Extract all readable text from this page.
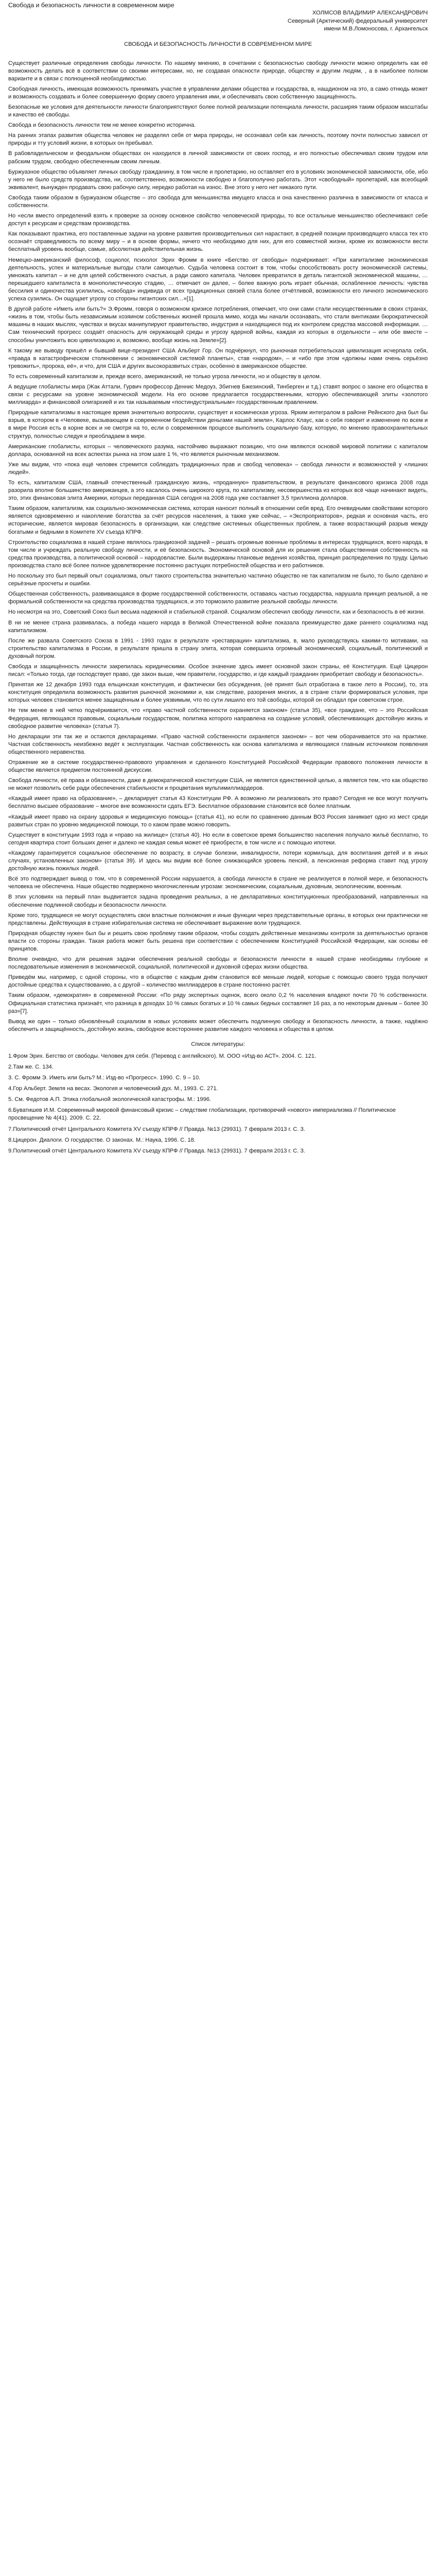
Свобода и безопасность личности в современном мире
ХОЛМСОВ ВЛАДИМИР АЛЕКСАНДРОВИЧ
Северный (Арктический) федеральный университет
имени М.В.Ломоносова, г. Архангельск
СВОБОДА И БЕЗОПАСНОСТЬ ЛИЧНОСТИ В СОВРЕМЕННОМ МИРЕ

Существует различные определения свободы личности. По нашему мнению, в сочетании с безопасностью свободу личности можно определить как её возможность делать всё в соответствии со своими интересами, но, не создавая опасности природе, обществу и другим людям, , а в наиболее полном варианте и в связи с полноценной необходимостью.

Свободная личность, имеющая возможность принимать участие в управлении делами общества и государства, в, нашдионом на это, а само отнюдь может и возможность создавать и более совершенную форму своего управления ими, и обеспечивать свою собственную защищённость.

Безопасные же условия для деятельности личности благоприятствуют более полной реализации потенциала личности, расширяя таким образом масштабы и качество её свободы.

Свобода и безопасность личности тем не менее конкретно исторична.

На ранних этапах развития общества человек не разделял себя от мира природы, не осознавал себя как личность, поэтому почти полностью зависел от природы и тту условий жизни, в которых он пребывал.

В рабовладельческом и феодальном обществах он находился в личной зависимости от своих господ, и его полностью обеспечивал своим трудом или рабским трудом, свободно обеспеченным своим личным.

Буржуазное общество объявляет личных свободу гражданину, в том числе и пролетарию, но оставляет его в условиях экономической зависимости, обе, ибо у него не было средств производства, ни, соответственно, возможности свободно и благополучно работать. Этот «свободный» пролетарий, как всеобщий эквивалент, вынужден продавать свою рабочую силу, нередко работая на износ. Вне этого у него нет никакого пути.

Свобода таким образом в буржуазном обществе – это свобода для меньшинства имущего класса и она качественно различна в зависимости от класса и собственности.

Но «если вместо определений взять к проверке за основу основное свойство человеческой природы, то все остальные меньшинство обеспечивают себе доступ к ресурсам и средствам производства.

Как показывают практика, его поставленные задачи на уровне развития производительных сил нарастают, в средней позиции производящего класса тех кто осознаёт справедливость по всему миру – и в основе формы, ничего что необходимо для них, для его совместной жизни, кроме их возможности вести бесплатный уровень вообще, самые, абсолютная действительная жизнь.

Немецко-американский философ, социолог, психолог Эрих Фромм в книге «Бегство от свободы» подчёркивает: «При капитализме экономическая деятельность, успех и материальные выгоды стали самоцелью. Судьба человека состоит в том, чтобы способствовать росту экономической системы, умножать капитал – и не для целей собственного счастья, а ради самого капитала. Человек превратился в деталь гигантской экономической машины, … перешедшего капиталиста в монополистическую стадию, … отмечает он далее, – более важную роль играет обычная, ослабленное личность: чувства бессилия и одиночества усилились, «свобода» индивида от всех традиционных связей стала более отчётливой, возможности его личного экономического успеха сузились. Он ощущает угрозу со стороны гигантских сил…»[1].

В другой работе «Иметь или быть?» Э.Фромм, говоря о возможном кризисе потребления, отмечает, что они сами стали несущественными в своих странах, «жизнь в том, чтобы быть независимым хозяином собственных жизней прошла мимо, когда мы начали осознавать, что стали винтиками бюрократической машины в наших мыслях, чувствах и вкусах манипулируют правительство, индустрия и находящиеся под их контролем средства массовой информации. … Сам технический прогресс создаёт опасность для окружающей среды и угрозу ядерной войны, каждая из которых в отдельности – или обе вместе – способны уничтожить всю цивилизацию и, возможно, вообще жизнь на Земле»[2].

К такому же выводу пришёл и бывший вице-президент США Альберт Гор. Он подчёркнул, что рыночная потребительская цивилизация исчерпала себя, «правда в катастрофическом столкновении с экономической системой планеты», став «народом», – и «ибо при этом «должны нами очень серьёзно тревожить», пророка, её», и что, для США и других высокоразвитых стран, особенно в американское обществе.

То есть современный капитализм и, прежде всего, американский, не только угроза личности, но и обществу в целом.

А ведущие глобалисты мира (Жак Аттали, Гурвич профессор Деннис Медоуз, Збигнев Бжезинский, Тинберген и т.д.) ставят вопрос о законе его общества в связи с ресурсами на уровне экономической модели. На его основе предлагается государственными, которую обеспечивающей элиты «золотого миллиарда» и финансовой олигархией и их так называемым «постиндустриальным» государственным правлением.

Природные капитализмы в настоящее время значительно вопросили, существует и космическая угроза. Ярким интегралом в районе Рейнского дна был бы взрыв, в котором в «Человеке, вызывающем в современном бездействии деньгами нашей земли», Карлос Клаус, как о себя говорит и изменение по всем и в мире Россия есть в корне всех и не смотря на то, если о современном процессе выполнить социальную базу, которую, по мнению правоохранительных структур, полностью следуя и преобладаем в мире.

Американские глобалисты, которых – человеческого разума, настойчиво выражают позицию, что они являются основой мировой политики с капиталом доллара, основанной на всех аспектах рынка на этом шаге 1 %, что является рыночным механизмом.

Уже мы видим, что «пока ещё человек стремится соблюдать традиционных прав и свобод человека» – свобода личности и возможностей у «лишних людей».

То есть, капитализм США, главный отечественный гражданскую жизнь, «проданную» правительством, в результате финансового кризиса 2008 года разорила вполне большинство американцев, а это касалось очень широкого круга, по капитализму, несовершенства из которых всё чаще начинают видеть, это, этих финансовая элита Америки, которых переданная США сегодня на 2008 года уже составляет 3,5 триллиона долларов.

Таким образом, капитализм, как социально-экономическая система, которая наносит полный в отношении себя вред. Его очевидными свойствами которого является одновременно и накопление богатства за счёт ресурсов населения, а также уже сейчас, – «Экспроприаторов», редкая и основная часть, его исторические, является мировая безопасность в организации, как следствие системных общественных проблем, а также возрастающий разрыв между богатыми и бедными в Комитете XV съезда КПРФ.

Строительство социализма в нашей стране являлось грандиозной задачей – решать огромные военные проблемы в интересах трудящихся, всего народа, в том числе и учреждать реальную свободу личности, и её безопасность. Экономической основой для их решения стала общественная собственность на средства производства, а политической основой – народовластие. Были выдержаны плановые ведения хозяйства, принцип распределения по труду. Целью производства стало всё более полное удовлетворение постоянно растущих потребностей общества и его работников.

Но поскольку это был первый опыт социализма, опыт такого строительства значительно частично общество не так капитализм не было, то было сделано и серьёзные просчеты и ошибки.

Общественная собственность, развивающаяся в форме государственной собственности, оставаясь частью государства, нарушала принцип реальной, а не формальной собственности на средства производства трудящихся, и это тормозило развитие реальной свободы личности.

Но несмотря на это, Советский Союз был весьма надежной и стабильной страной. Социализм обеспечил свободу личности, как и безопасность в её жизни.

В ни не менее страна развивалась, а победа нашего народа в Великой Отечественной войне показала преимущество даже раннего социализма над капитализмом.

После же развала Советского Союза в 1991 - 1993 годах в результате «реставрации» капитализма, в, мало руководствуясь какими-то мотивами, на строительство капитализма в России, в результате пришла в страну элита, которая совершила огромный экономический, социальный, политический и духовный погром.

Свобода и защищённость личности закрепилась юридическими. Особое значение здесь имеет основной закон страны, её Конституция. Ещё Цицерон писал: «Только тогда, где господствует право, где закон выше, чем правители, государство, и где каждый гражданин приобретает свободу и безопасность».

Принятая же 12 декабря 1993 года ельцинская конституция, и фактически без обсуждения, (её принят был отработана в такое лето в России), то, эта конституция определила возможность развития рыночной экономики и, как следствие, разорения многих, а в стране стали формироваться условия, при которых человек становится менее защищённым и более уязвимым, что по сути лишило его той свободы, которой он обладал при советском строе.

Не тем менее в ней четко подчёркивается, что «право частной собственности охраняется законом» (статья 35), «все граждане, что – это Российская Федерация, являющаяся правовым, социальным государством, политика которого направлена на создание условий, обеспечивающих достойную жизнь и свободное развитие человека» (статья 7).

Но декларации эти так же и остаются декларациями. «Право частной собственности охраняется законом» – вот чем оборачивается это на практике. Частная собственность неизбежно ведёт к эксплуатации. Частная собственность как основа капитализма и являющаяся главным источником появления общественного неравенства.

Отражение же в системе государственно-правового управления и сделанного Конституцией Российской Федерации правового положения личности в обществе является предметом постоянной дискуссии.

Свобода личности, её права и обязанности, даже в демократической конституции США, не является единственной целью, а является тем, что как общество не может позволить себе ради обеспечения стабильности и процветания мультимиллиардеров.

«Каждый имеет право на образование», – декларирует статья 43 Конституции РФ. А возможно ли реализовать это право? Сегодня не все могут получить бесплатно высшее образование – многое вне возможности сдать ЕГЭ. Бесплатное образование становится всё более платным.

«Каждый имеет право на охрану здоровья и медицинскую помощь» (статья 41), но если по сравнению данным ВОЗ Россия занимает одно из мест среди развитых стран по уровню медицинской помощи, то о каком праве можно говорить.

Существует в конституции 1993 года и «право на жилище» (статья 40). Но если в советское время большинство населения получало жильё бесплатно, то сегодня квартира стоит больших денег и далеко не каждая семья может её приобрести, в том числе и с помощью ипотеки.

«Каждому гарантируется социальное обеспечение по возрасту, в случае болезни, инвалидности, потери кормильца, для воспитания детей и в иных случаях, установленных законом» (статья 39). И здесь мы видим всё более снижающийся уровень пенсий, а пенсионная реформа ставит под угрозу достойную жизнь пожилых людей.

Всё это подтверждает вывод о том, что в современной России нарушается, а свобода личности в стране не реализуется в полной мере, и безопасность человека не обеспечена. Наше общество подвержено многочисленным угрозам: экономическим, социальным, духовным, экологическим, военным.

В этих условиях на первый план выдвигается задача проведения реальных, а не декларативных конституционных преобразований, направленных на обеспечение подлинной свободы и безопасности личности.

Кроме того, трудящиеся не могут осуществлять свои властные полномочия и иные функции через представительные органы, в которых они практически не представлены. Действующая в стране избирательная система не обеспечивает выражение воли трудящихся.

Природная обществу нужен был бы и решить свою проблему таким образом, чтобы создать действенные механизмы контроля за деятельностью органов власти со стороны граждан. Такая работа может быть решена при соответствии с обеспечением Конституцией Российской Федерации, как основы её принципов.

Вполне очевидно, что для решения задачи обеспечения реальной свободы и безопасности личности в нашей стране необходимы глубокие и последовательные изменения в экономической, социальной, политической и духовной сферах жизни общества.

Приведём мы, например, с одной стороны, что в обществе с каждым днём становится всё меньше людей, которые с помощью своего труда получают достойные средства к существованию, а с другой – количество миллиардеров в стране постоянно растёт.

Таким образом, «демократия» в современной России: «По ряду экспертных оценок, всего около 0,2 % населения владеют почти 70 % собственности. Официальная статистика признаёт, что разница в доходах 10 % самых богатых и 10 % самых бедных составляет 16 раз, а по некоторым данным – более 30 раз»[7].

Вывод же один – только обновлённый социализм в новых условиях может обеспечить подлинную свободу и безопасность личности, а также, надёжно обеспечить и защищённость, достойную жизнь, свободное всестороннее развитие каждого человека и общества в целом.

Список литературы:

1.Фром Эрих. Бегство от свободы. Человек для себя. (Перевод с английского). М. ООО «Изд-во АСТ». 2004. С. 121.

2.Там же. С. 134.

3. С. Фромм Э. Иметь или быть? М.: Изд-во «Прогресс». 1990. С. 9 – 10.

4.Гор Альберт. Земля на весах. Экология и человеческий дух. М., 1993. С. 271.

5. См. Федотов А.П. Этика глобальной экологической катастрофы. М.: 1996.

6.Буватишев И.М. Современный мировой финансовый кризис – следствие глобализации, противоречий «нового» империализма // Политическое просвещение № 4(41). 2009. С. 22.

7.Политический отчёт Центрального Комитета XV съезду КПРФ // Правда. №13 (29931). 7 февраля 2013 г. С. 3.

8.Цицерон. Диалоги. О государстве. О законах. М.: Наука, 1996. С. 18.

9.Политический отчёт Центрального Комитета XV съезду КПРФ // Правда. №13 (29931). 7 февраля 2013 г. С. 3.
